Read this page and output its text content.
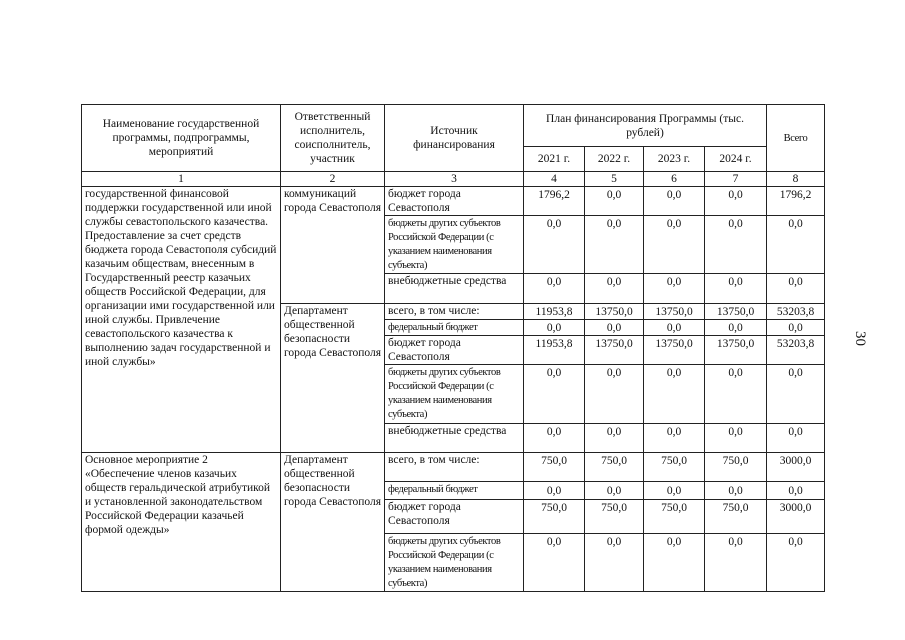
Наименование государственной программы, подпрограммы, мероприятий	Ответственный исполнитель, соисполнитель, участник	Источник финансирования	План финансирования Программы (тыс. рублей)				Всего
			2021 г.	2022 г.	2023 г.	2024 г.	
1	2	3	4	5	6	7	8
государственной финансовой поддержки государственной или иной службы севастопольского казачества. Предоставление за счет средств бюджета города Севастополя субсидий казачьим обществам, внесенным в Государственный реестр казачьих обществ Российской Федерации, для организации ими государственной или иной службы. Привлечение севастопольского казачества к выполнению задач государственной и иной службы»	коммуникаций города Севастополя	бюджет города Севастополя	1796,2	0,0	0,0	0,0	1796,2
		бюджеты других субъектов Российской Федерации (с указанием наименования субъекта)	0,0	0,0	0,0	0,0	0,0
		внебюджетные средства	0,0	0,0	0,0	0,0	0,0
	Департамент общественной безопасности города Севастополя	всего, в том числе:	11953,8	13750,0	13750,0	13750,0	53203,8
		федеральный бюджет	0,0	0,0	0,0	0,0	0,0
		бюджет города Севастополя	11953,8	13750,0	13750,0	13750,0	53203,8
		бюджеты других субъектов Российской Федерации (с указанием наименования субъекта)	0,0	0,0	0,0	0,0	0,0
		внебюджетные средства	0,0	0,0	0,0	0,0	0,0
Основное мероприятие 2 «Обеспечение членов казачьих обществ геральдической атрибутикой и установленной законодательством Российской Федерации казачьей формой одежды»	Департамент общественной безопасности города Севастополя	всего, в том числе:	750,0	750,0	750,0	750,0	3000,0
		федеральный бюджет	0,0	0,0	0,0	0,0	0,0
		бюджет города Севастополя	750,0	750,0	750,0	750,0	3000,0
		бюджеты других субъектов Российской Федерации (с указанием наименования субъекта)	0,0	0,0	0,0	0,0	0,0
30
